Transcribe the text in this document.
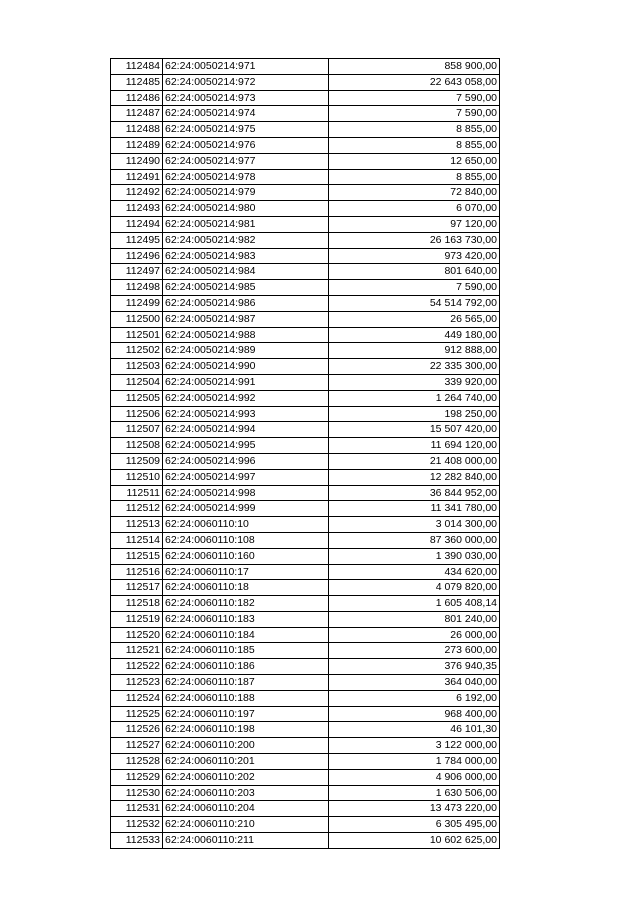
112484	62:24:0050214:971	858 900,00
112485	62:24:0050214:972	22 643 058,00
112486	62:24:0050214:973	7 590,00
112487	62:24:0050214:974	7 590,00
112488	62:24:0050214:975	8 855,00
112489	62:24:0050214:976	8 855,00
112490	62:24:0050214:977	12 650,00
112491	62:24:0050214:978	8 855,00
112492	62:24:0050214:979	72 840,00
112493	62:24:0050214:980	6 070,00
112494	62:24:0050214:981	97 120,00
112495	62:24:0050214:982	26 163 730,00
112496	62:24:0050214:983	973 420,00
112497	62:24:0050214:984	801 640,00
112498	62:24:0050214:985	7 590,00
112499	62:24:0050214:986	54 514 792,00
112500	62:24:0050214:987	26 565,00
112501	62:24:0050214:988	449 180,00
112502	62:24:0050214:989	912 888,00
112503	62:24:0050214:990	22 335 300,00
112504	62:24:0050214:991	339 920,00
112505	62:24:0050214:992	1 264 740,00
112506	62:24:0050214:993	198 250,00
112507	62:24:0050214:994	15 507 420,00
112508	62:24:0050214:995	11 694 120,00
112509	62:24:0050214:996	21 408 000,00
112510	62:24:0050214:997	12 282 840,00
112511	62:24:0050214:998	36 844 952,00
112512	62:24:0050214:999	11 341 780,00
112513	62:24:0060110:10	3 014 300,00
112514	62:24:0060110:108	87 360 000,00
112515	62:24:0060110:160	1 390 030,00
112516	62:24:0060110:17	434 620,00
112517	62:24:0060110:18	4 079 820,00
112518	62:24:0060110:182	1 605 408,14
112519	62:24:0060110:183	801 240,00
112520	62:24:0060110:184	26 000,00
112521	62:24:0060110:185	273 600,00
112522	62:24:0060110:186	376 940,35
112523	62:24:0060110:187	364 040,00
112524	62:24:0060110:188	6 192,00
112525	62:24:0060110:197	968 400,00
112526	62:24:0060110:198	46 101,30
112527	62:24:0060110:200	3 122 000,00
112528	62:24:0060110:201	1 784 000,00
112529	62:24:0060110:202	4 906 000,00
112530	62:24:0060110:203	1 630 506,00
112531	62:24:0060110:204	13 473 220,00
112532	62:24:0060110:210	6 305 495,00
112533	62:24:0060110:211	10 602 625,00
